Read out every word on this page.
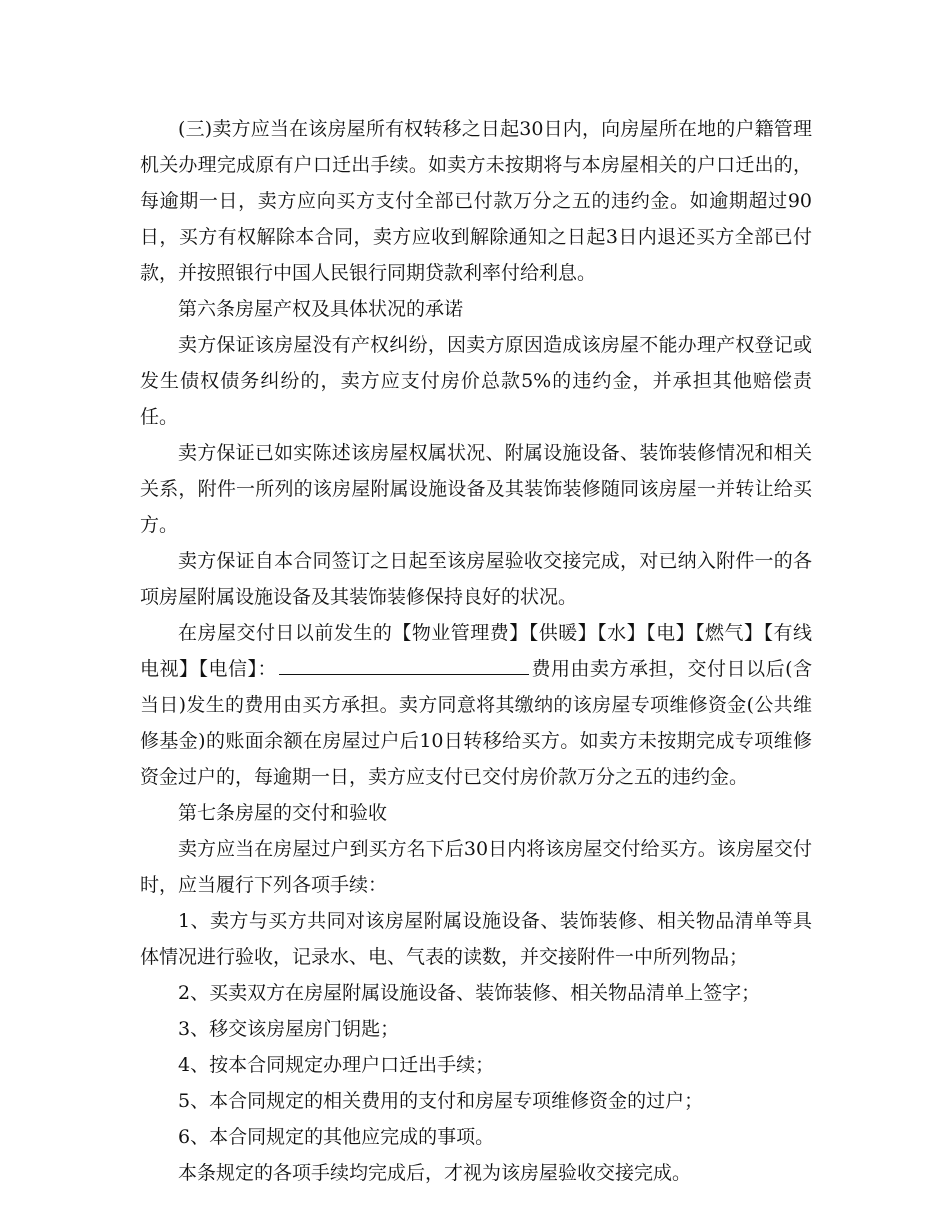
(三)卖方应当在该房屋所有权转移之日起30日内，向房屋所在地的户籍管理机关办理完成原有户口迁出手续。如卖方未按期将与本房屋相关的户口迁出的，每逾期一日，卖方应向买方支付全部已付款万分之五的违约金。如逾期超过90日，买方有权解除本合同，卖方应收到解除通知之日起3日内退还买方全部已付款，并按照银行中国人民银行同期贷款利率付给利息。

第六条房屋产权及具体状况的承诺

卖方保证该房屋没有产权纠纷，因卖方原因造成该房屋不能办理产权登记或发生债权债务纠纷的，卖方应支付房价总款5%的违约金，并承担其他赔偿责任。

卖方保证已如实陈述该房屋权属状况、附属设施设备、装饰装修情况和相关关系，附件一所列的该房屋附属设施设备及其装饰装修随同该房屋一并转让给买方。

卖方保证自本合同签订之日起至该房屋验收交接完成，对已纳入附件一的各项房屋附属设施设备及其装饰装修保持良好的状况。

在房屋交付日以前发生的【物业管理费】【供暖】【水】【电】【燃气】【有线电视】【电信】：	费用由卖方承担，交付日以后(含当日)发生的费用由买方承担。卖方同意将其缴纳的该房屋专项维修资金(公共维修基金)的账面余额在房屋过户后10日转移给买方。如卖方未按期完成专项维修资金过户的，每逾期一日，卖方应支付已交付房价款万分之五的违约金。

第七条房屋的交付和验收

卖方应当在房屋过户到买方名下后30日内将该房屋交付给买方。该房屋交付时，应当履行下列各项手续：

1、卖方与买方共同对该房屋附属设施设备、装饰装修、相关物品清单等具体情况进行验收，记录水、电、气表的读数，并交接附件一中所列物品；

2、买卖双方在房屋附属设施设备、装饰装修、相关物品清单上签字；

3、移交该房屋房门钥匙；

4、按本合同规定办理户口迁出手续；

5、本合同规定的相关费用的支付和房屋专项维修资金的过户；

6、本合同规定的其他应完成的事项。

本条规定的各项手续均完成后，才视为该房屋验收交接完成。
